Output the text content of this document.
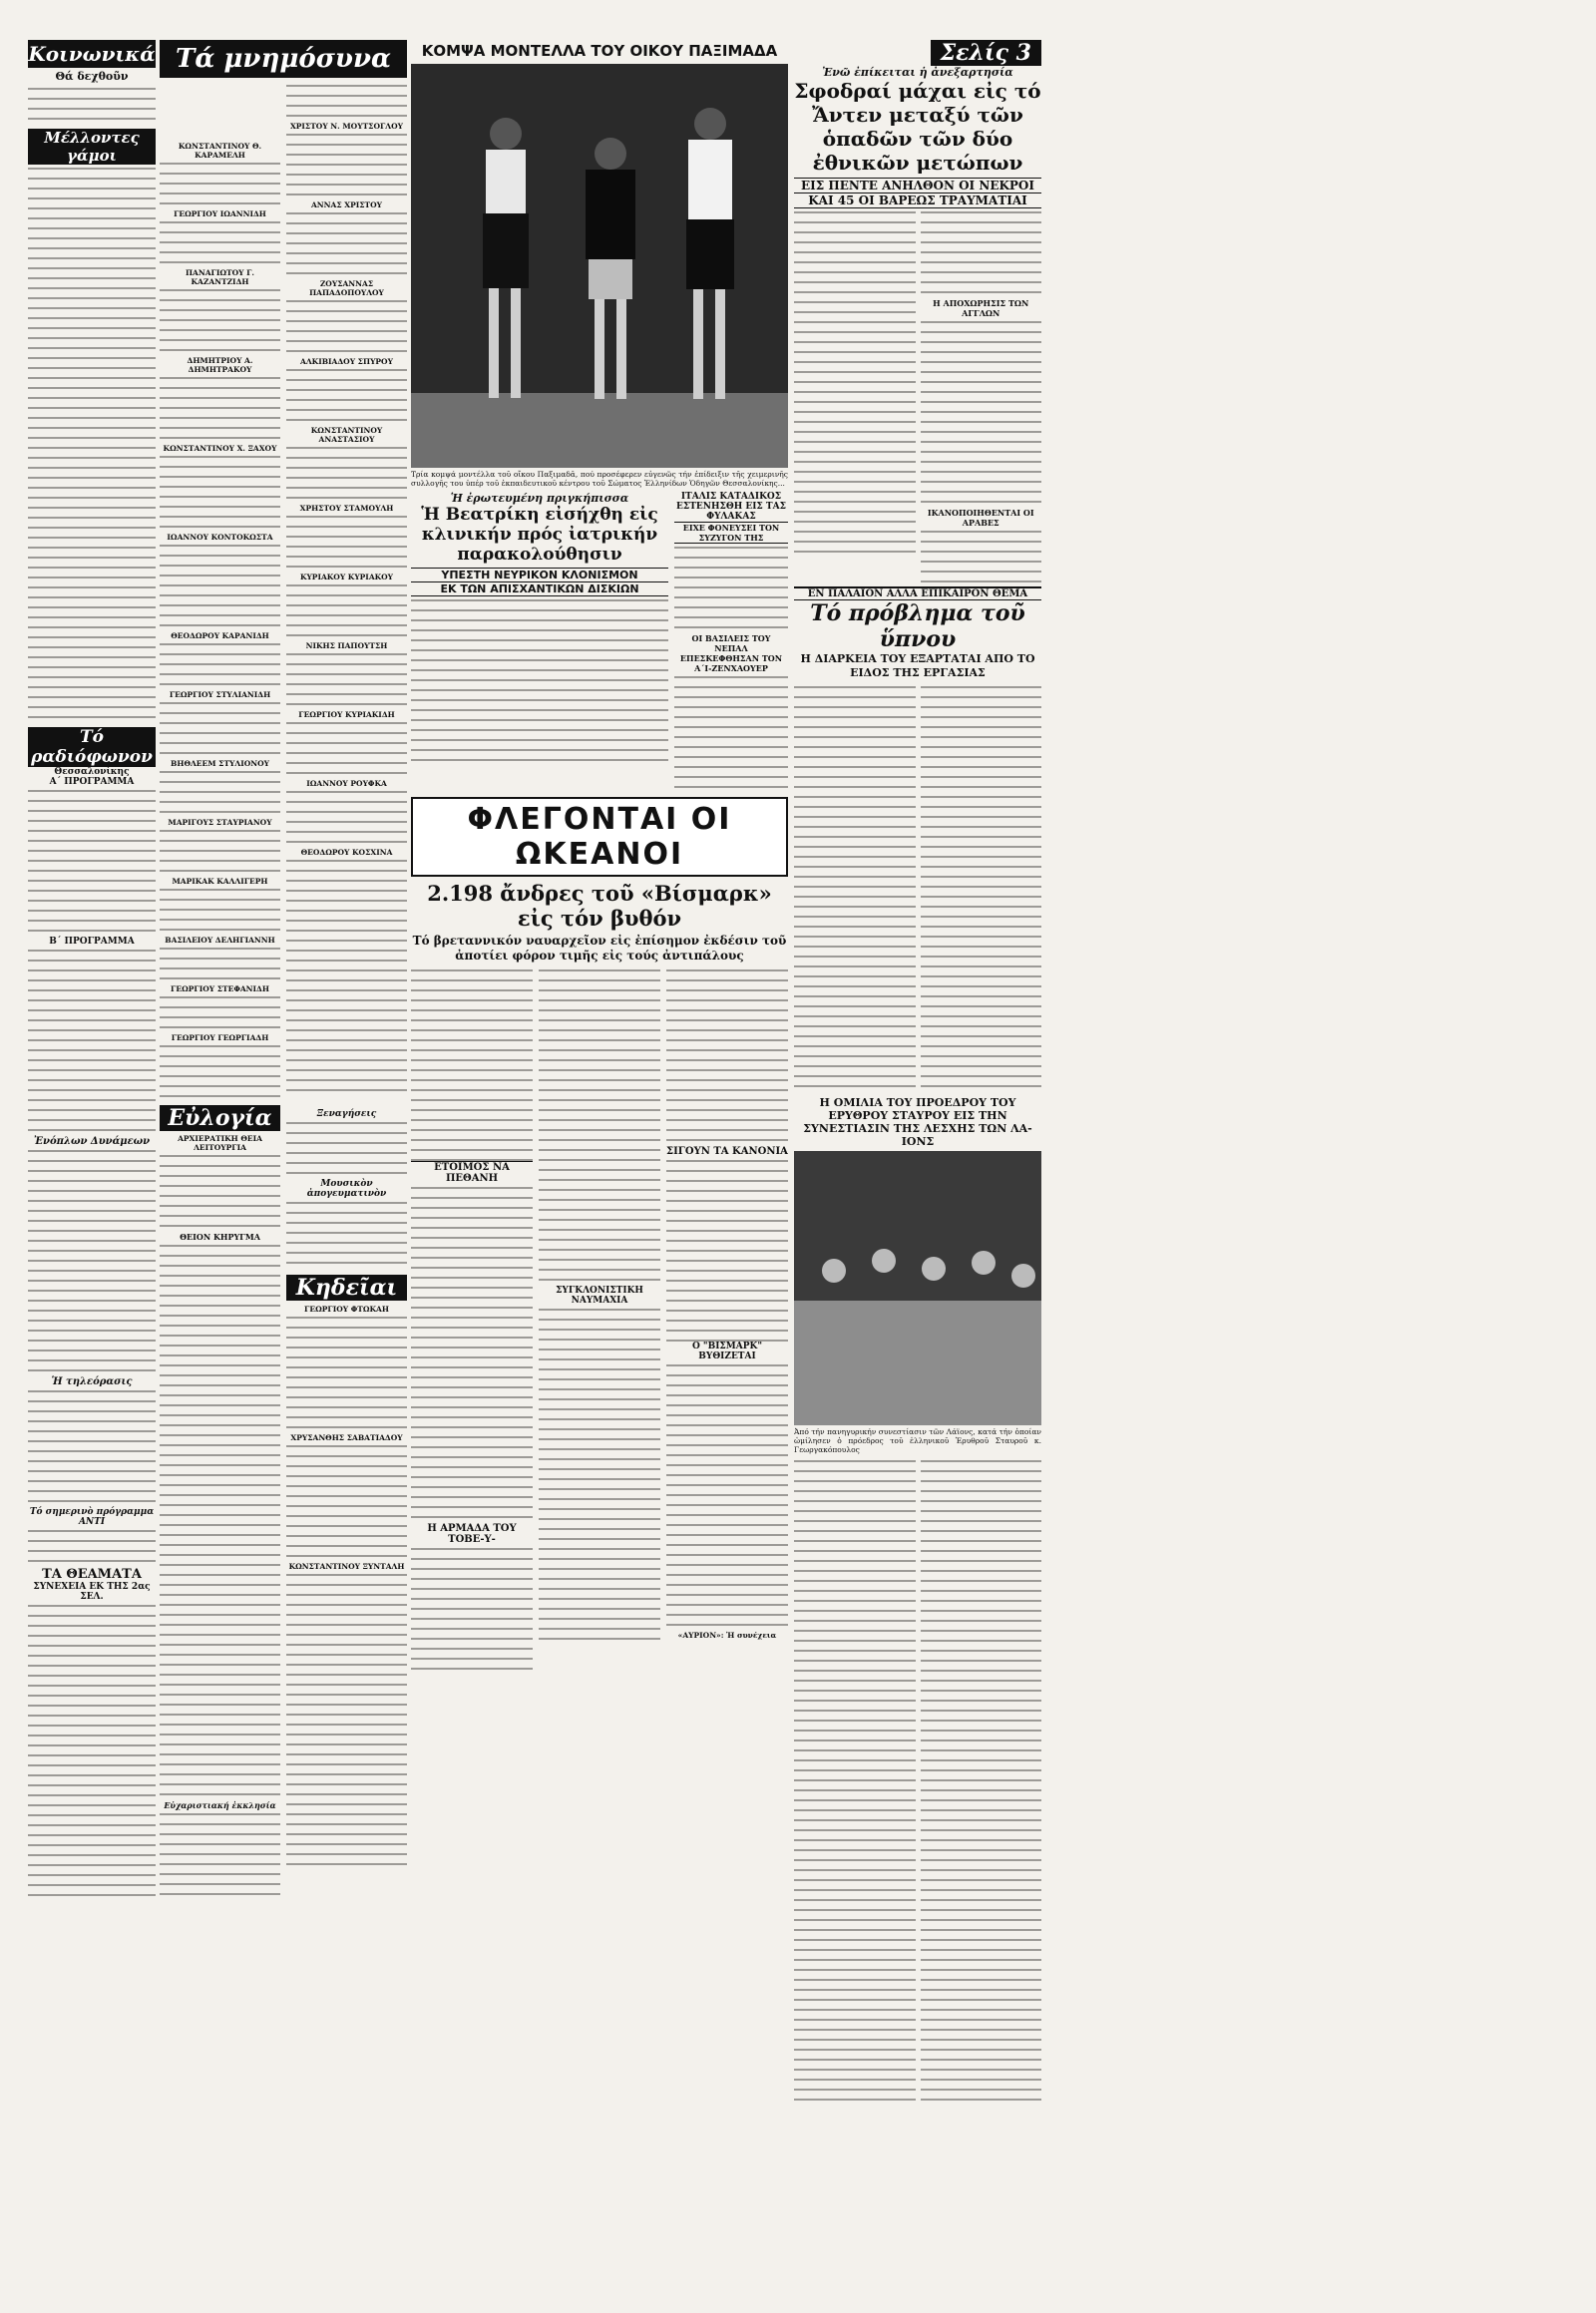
Κοινωνικά
Θά δεχθοῦν
Μέλλοντες γάμοι
Τό ραδιόφωνον
Θεσσαλονίκης
Α΄ ΠΡΟΓΡΑΜΜΑ
Β΄ ΠΡΟΓΡΑΜΜΑ
Ἐνόπλων Δυνάμεων
Ἡ τηλεόρασις
Τό σημερινὸ πρόγραμμα ΑΝΤΙ
ΤΑ ΘΕΑΜΑΤΑ
ΣΥΝΕΧΕΙΑ ΕΚ ΤΗΣ 2ας ΣΕΛ.
Τά μνημόσυνα
ΚΩΝΣΤΑΝΤΙΝΟΥ Θ. ΚΑΡΑΜΕΛΗ
ΓΕΩΡΓΙΟΥ ΙΩΑΝΝΙΔΗ
ΠΑΝΑΓΙΩΤΟΥ Γ. ΚΑΖΑΝΤΖΙΔΗ
ΔΗΜΗΤΡΙΟΥ Α. ΔΗΜΗΤΡΑΚΟΥ
ΚΩΝΣΤΑΝΤΙΝΟΥ Χ. ΞΑΧΟΥ
ΙΩΑΝΝΟΥ ΚΟΝΤΟΚΩΣΤΑ
ΘΕΟΔΩΡΟΥ ΚΑΡΑΝΙΔΗ
ΓΕΩΡΓΙΟΥ ΣΤΥΛΙΑΝΙΔΗ
ΒΗΘΛΕΕΜ ΣΤΥΛΙΟΝΟΥ
ΜΑΡΙΓΟΥΣ ΣΤΑΥΡΙΑΝΟΥ
ΜΑΡΙΚΑΚ ΚΑΛΛΙΓΕΡΗ
ΒΑΣΙΛΕΙΟΥ ΔΕΛΗΓΙΑΝΝΗ
ΓΕΩΡΓΙΟΥ ΣΤΕΦΑΝΙΔΗ
ΓΕΩΡΓΙΟΥ ΓΕΩΡΓΙΑΔΗ
ΧΡΙΣΤΟΥ Ν. ΜΟΥΤΣΟΓΛΟΥ
ΑΝΝΑΣ ΧΡΙΣΤΟΥ
ΖΟΥΣΑΝΝΑΣ ΠΑΠΑΔΟΠΟΥΛΟΥ
ΑΛΚΙΒΙΑΔΟΥ ΣΠΥΡΟΥ
ΚΩΝΣΤΑΝΤΙΝΟΥ ΑΝΑΣΤΑΣΙΟΥ
ΧΡΗΣΤΟΥ ΣΤΑΜΟΥΛΗ
ΚΥΡΙΑΚΟΥ ΚΥΡΙΑΚΟΥ
ΝΙΚΗΣ ΠΑΠΟΥΤΣΗ
ΓΕΩΡΓΙΟΥ ΚΥΡΙΑΚΙΔΗ
ΙΩΑΝΝΟΥ ΡΟΥΦΚΑ
ΘΕΟΔΩΡΟΥ ΚΟΣΧΙΝΑ
Εὐλογία
ΑΡΧΙΕΡΑΤΙΚΗ ΘΕΙΑ ΛΕΙΤΟΥΡΓΙΑ
ΘΕΙΟΝ ΚΗΡΥΓΜΑ
Εὐχαριστιακή ἐκκλησία
Ξεναγήσεις
Μουσικὸν ἀπογευματινὸν
Κηδεῖαι
ΓΕΩΡΓΙΟΥ ΦΤΩΚΑΗ
ΧΡΥΣΑΝΘΗΣ ΣΑΒΑΤΙΑΔΟΥ
ΚΩΝΣΤΑΝΤΙΝΟΥ ΞΥΝΤΑΛΗ
ΚΟΜΨΑ ΜΟΝΤΕΛΛΑ ΤΟΥ ΟΙΚΟΥ ΠΑΞΙΜΑΔΑ
Τρία κομψά μοντέλλα τοῦ οἴκου Παξιμαδᾶ, πού προσέφερεν εὐγενῶς τήν ἐπίδειξιν τῆς χειμερινῆς συλλογῆς του ὑπέρ τοῦ ἐκπαιδευτικοῦ κέντρου τοῦ Σώματος Ἑλληνίδων Ὁδηγῶν Θεσσαλονίκης...
Ἡ ἐρωτευμένη πριγκήπισσα
Ἡ Βεατρίκη εἰσήχθη εἰς κλινικήν πρός ἰατρικήν παρακολούθησιν
ΥΠΕΣΤΗ ΝΕΥΡΙΚΟΝ ΚΛΟΝΙΣΜΟΝ
ΕΚ ΤΩΝ ΑΠΙΣΧΑΝΤΙΚΩΝ ΔΙΣΚΙΩΝ
ΙΤΑΛΙΣ ΚΑΤΑΔΙΚΟΣ ΕΣΤΕΝΗΣΘΗ ΕΙΣ ΤΑΣ ΦΥΛΑΚΑΣ
ΕΙΧΕ ΦΟΝΕΥΣΕΙ ΤΟΝ ΣΥΖΥΓΟΝ ΤΗΣ
ΟΙ ΒΑΣΙΛΕΙΣ ΤΟΥ ΝΕΠΑΛ ΕΠΕΣΚΕΦΘΗΣΑΝ ΤΟΝ Α΄Ι-ΖΕΝΧΑΟΥΕΡ
ΦΛΕΓΟΝΤΑΙ ΟΙ ΩΚΕΑΝΟΙ
2.198 ἄνδρες τοῦ «Βίσμαρκ» εἰς τόν βυθόν
Τό βρεταννικόν ναυαρχεῖον εἰς ἐπίσημον ἐκδέσιν τοῦ ἀποτίει φόρον τιμῆς εἰς τούς ἀντιπάλους
ΕΤΟΙΜΟΣ ΝΑ ΠΕΘΑΝΗ
Η ΑΡΜΑΔΑ ΤΟΥ ΤΟΒΕ-Υ-
ΣΥΓΚΛΟΝΙΣΤΙΚΗ ΝΑΥΜΑΧΙΑ
ΣΙΓΟΥΝ ΤΑ ΚΑΝΟΝΙΑ
Ο "ΒΙΣΜΑΡΚ" ΒΥΘΙΖΕΤΑΙ
«ΑΥΡΙΟΝ»: Ἡ συνέχεια
Σελίς 3
Ἐνῶ ἐπίκειται ἡ ἀνεξαρτησία
Σφοδραί μάχαι εἰς τό Ἄντεν μεταξύ τῶν ὁπαδῶν τῶν δύο ἐθνικῶν μετώπων
ΕΙΣ ΠΕΝΤΕ ΑΝΗΛΘΟΝ ΟΙ ΝΕΚΡΟΙ
ΚΑΙ 45 ΟΙ ΒΑΡΕΩΣ ΤΡΑΥΜΑΤΙΑΙ
Η ΑΠΟΧΩΡΗΣΙΣ ΤΩΝ ΑΓΓΛΩΝ
ΙΚΑΝΟΠΟΙΗΘΕΝΤΑΙ ΟΙ ΑΡΑΒΕΣ
ΕΝ ΠΑΛΑΙΟΝ ΑΛΛΑ ΕΠΙΚΑΙΡΟΝ ΘΕΜΑ
Τό πρόβλημα τοῦ ὕπνου
Η ΔΙΑΡΚΕΙΑ ΤΟΥ ΕΞΑΡΤΑΤΑΙ ΑΠΟ ΤΟ ΕΙΔΟΣ ΤΗΣ ΕΡΓΑΣΙΑΣ
Η ΟΜΙΛΙΑ ΤΟΥ ΠΡΟΕΔΡΟΥ ΤΟΥ ΕΡΥΘΡΟΥ ΣΤΑΥΡΟΥ ΕΙΣ ΤΗΝ ΣΥΝΕΣΤΙΑΣΙΝ ΤΗΣ ΛΕΣΧΗΣ ΤΩΝ ΛΑ-ΙΟΝΣ
Ἀπό τήν πανηγυρικήν συνεστίασιν τῶν Λάϊονς, κατά τήν ὁποίαν ὡμίλησεν ὁ πρόεδρος τοῦ ἑλληνικοῦ Ἐρυθροῦ Σταυροῦ κ. Γεωργακόπουλος
